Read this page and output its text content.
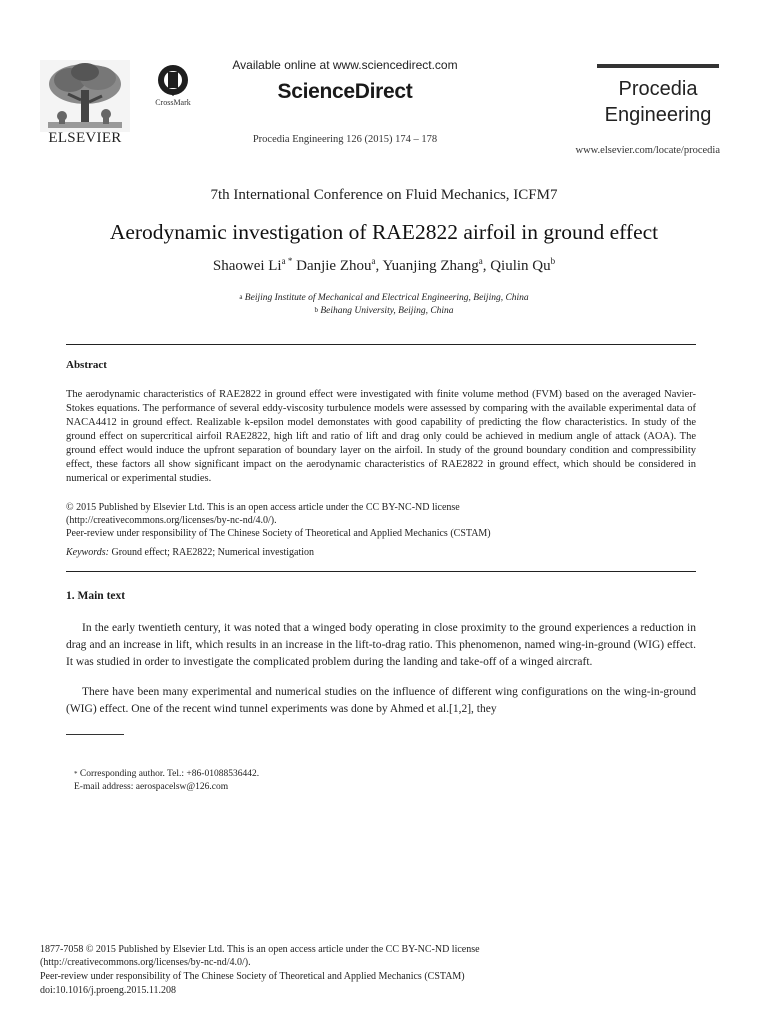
ELSEVIER
CrossMark
Available online at www.sciencedirect.com
ScienceDirect
Procedia Engineering 126 (2015) 174 – 178
Procedia
Engineering
www.elsevier.com/locate/procedia
7th International Conference on Fluid Mechanics, ICFM7
Aerodynamic investigation of RAE2822 airfoil in ground effect
Shaowei $Li^{a *}$ Danjie Zhou$^a$, Yuanjing Zhang$^a$, Qiulin Qu$^b$
$^a$ Beijing Institute of Mechanical and Electrical Engineering, Beijing, China
$^b$ Beihang University, Beijing, China
Abstract
The aerodynamic characteristics of RAE2822 in ground effect were investigated with finite volume method (FVM) based on the averaged Navier-Stokes equations. The performance of several eddy-viscosity turbulence models were assessed by comparing with the available experimental data of NACA4412 in ground effect. Realizable k-epsilon model demonstates with good capability of predicting the flow characteristics. In study of the ground effect on supercritical airfoil RAE2822, high lift and ratio of lift and drag only could be achieved in medium angle of attack (AOA). The ground effect would induce the upfront separation of boundary layer on the airfoil. In study of the ground boundary condition and compressibility effect, these factors all show significant impact on the aerodynamic characteristics of RAE2822 in ground effect, which should be considered in numerical or experimental studies.
© 2015 Published by Elsevier Ltd. This is an open access article under the CC BY-NC-ND license
(http://creativecommons.org/licenses/by-nc-nd/4.0/).
Peer-review under responsibility of The Chinese Society of Theoretical and Applied Mechanics (CSTAM)
Keywords: Ground effect; RAE2822; Numerical investigation
1. Main text
In the early twentieth century, it was noted that a winged body operating in close proximity to the ground experiences a reduction in drag and an increase in lift, which results in an increase in the lift-to-drag ratio. This phenomenon, named wing-in-ground (WIG) effect. It was studied in order to investigate the complicated problem during the landing and take-off of a winged aircraft.
There have been many experimental and numerical studies on the influence of different wing configurations on the wing-in-ground (WIG) effect. One of the recent wind tunnel experiments was done by Ahmed et al.[1,2], they
* Corresponding author. Tel.: +86-01088536442.
E-mail address: aerospacelsw@126.com
1877-7058 © 2015 Published by Elsevier Ltd. This is an open access article under the CC BY-NC-ND license
(http://creativecommons.org/licenses/by-nc-nd/4.0/).
Peer-review under responsibility of The Chinese Society of Theoretical and Applied Mechanics (CSTAM)
doi:10.1016/j.proeng.2015.11.208
